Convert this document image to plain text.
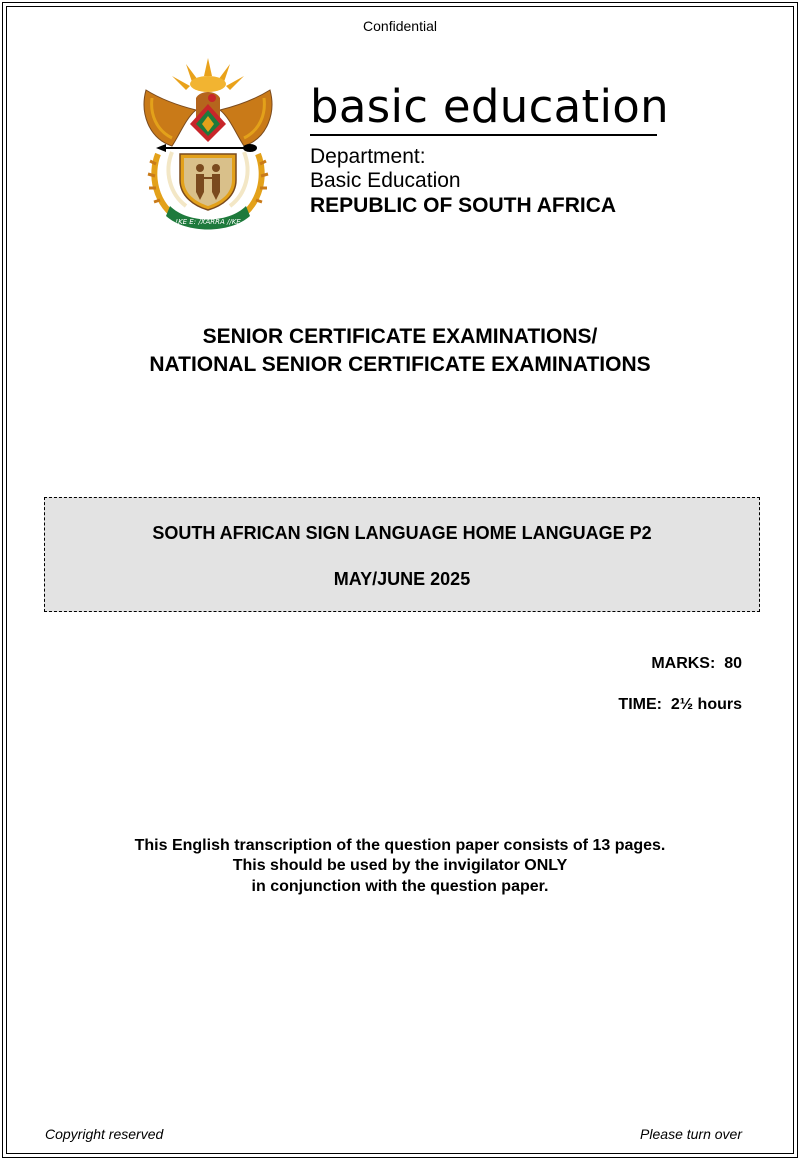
Confidential
!KE E: /XARRA //KE
basic education
Department:
Basic Education
REPUBLIC OF SOUTH AFRICA
SENIOR CERTIFICATE EXAMINATIONS/
NATIONAL SENIOR CERTIFICATE EXAMINATIONS
SOUTH AFRICAN SIGN LANGUAGE HOME LANGUAGE P2
MAY/JUNE 2025
MARKS:  80
TIME:  2½ hours
This English transcription of the question paper consists of 13 pages.
This should be used by the invigilator ONLY
in conjunction with the question paper.
Copyright reserved	Please turn over
